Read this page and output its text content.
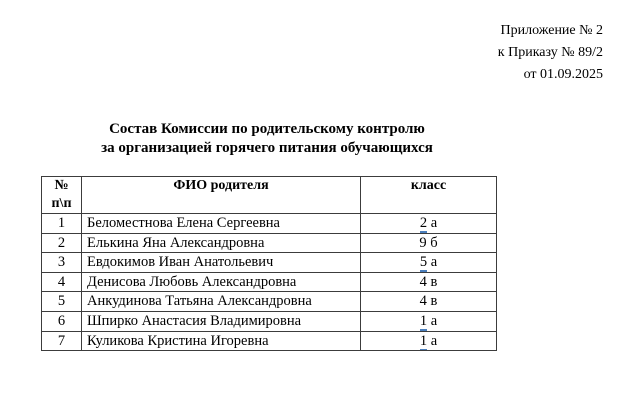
Приложение № 2
к Приказу № 89/2
от 01.09.2025
Состав Комиссии по родительскому контролю
за организацией горячего питания обучающихся
№
п\п	ФИО родителя	класс
1	Беломестнова Елена Сергеевна	2 а
2	Елькина Яна Александровна	9 б
3	Евдокимов Иван Анатольевич	5 а
4	Денисова Любовь Александровна	4 в
5	Анкудинова Татьяна Александровна	4 в
6	Шпирко Анастасия Владимировна	1 а
7	Куликова Кристина Игоревна	1 а
